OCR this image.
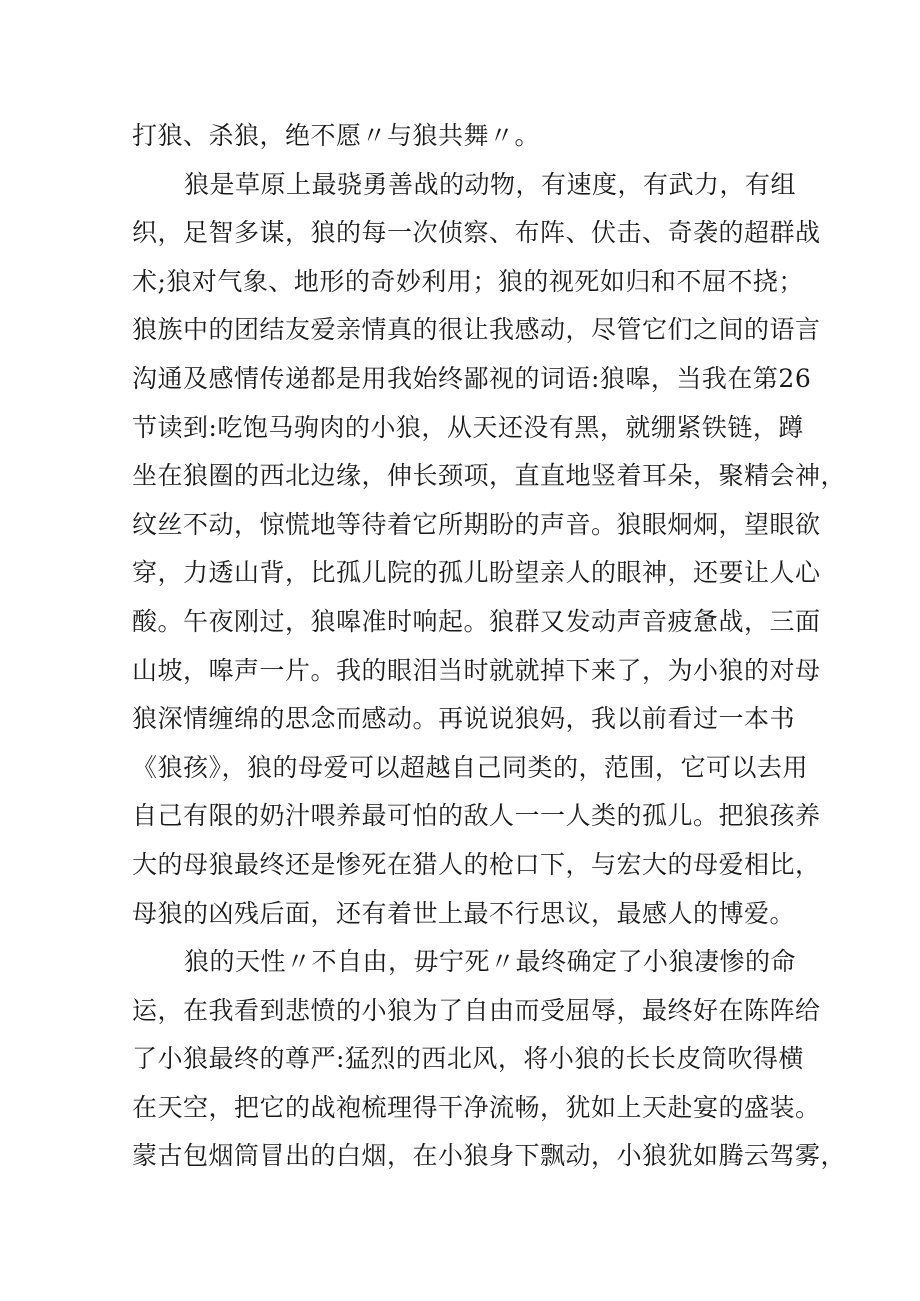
打狼、杀狼，绝不愿〃与狼共舞〃。
狼是草原上最骁勇善战的动物，有速度，有武力，有组
织，足智多谋，狼的每一次侦察、布阵、伏击、奇袭的超群战
术;狼对气象、地形的奇妙利用；狼的视死如归和不屈不挠；
狼族中的团结友爱亲情真的很让我感动，尽管它们之间的语言
沟通及感情传递都是用我始终鄙视的词语:狼嗥，当我在第26
节读到:吃饱马驹肉的小狼，从天还没有黑，就绷紧铁链，蹲
坐在狼圈的西北边缘，伸长颈项，直直地竖着耳朵，聚精会神，
纹丝不动，惊慌地等待着它所期盼的声音。狼眼炯炯，望眼欲
穿，力透山背，比孤儿院的孤儿盼望亲人的眼神，还要让人心
酸。午夜刚过，狼嗥准时响起。狼群又发动声音疲惫战，三面
山坡，嗥声一片。我的眼泪当时就就掉下来了，为小狼的对母
狼深情缠绵的思念而感动。再说说狼妈，我以前看过一本书
《狼孩》，狼的母爱可以超越自己同类的，范围，它可以去用
自己有限的奶汁喂养最可怕的敌人一一人类的孤儿。把狼孩养
大的母狼最终还是惨死在猎人的枪口下，与宏大的母爱相比，
母狼的凶残后面，还有着世上最不行思议，最感人的博爱。
狼的天性〃不自由，毋宁死〃最终确定了小狼凄惨的命
运，在我看到悲愤的小狼为了自由而受屈辱，最终好在陈阵给
了小狼最终的尊严:猛烈的西北风，将小狼的长长皮筒吹得横
在天空，把它的战袍梳理得干净流畅，犹如上天赴宴的盛装。
蒙古包烟筒冒出的白烟，在小狼身下飘动，小狼犹如腾云驾雾，
